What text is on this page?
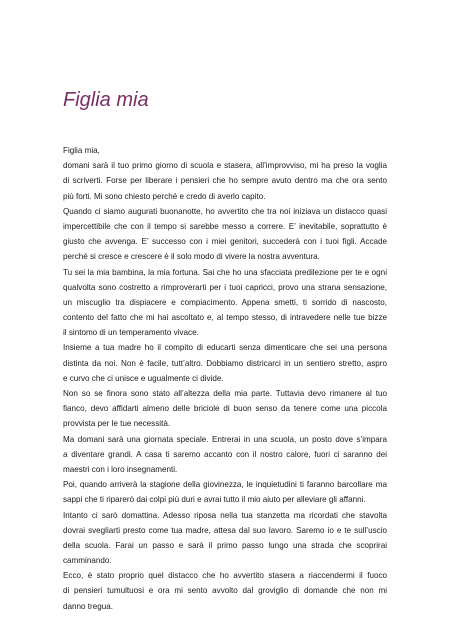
Figlia mia
Figlia mia,
domani sarà il tuo primo giorno di scuola e stasera, all’improvviso, mi ha preso la voglia
di scriverti. Forse per liberare i pensieri che ho sempre avuto dentro ma che ora sento
più forti. Mi sono chiesto perché e credo di averlo capito.
Quando ci siamo augurati buonanotte, ho avvertito che tra noi iniziava un distacco quasi
impercettibile che con il tempo si sarebbe messo a correre. E’ inevitabile, soprattutto è
giusto che avvenga. E’ successo con i miei genitori, succederà con i tuoi figli. Accade
perché si cresce e crescere è il solo modo di vivere la nostra avventura.
Tu sei la mia bambina, la mia fortuna. Sai che ho una sfacciata predilezione per te e ogni
qualvolta sono costretto a rimproverarti per i tuoi capricci, provo una strana sensazione,
un miscuglio tra dispiacere e compiacimento. Appena smetti, ti sorrido di nascosto,
contento del fatto che mi hai ascoltato e, al tempo stesso, di intravedere nelle tue bizze
il sintomo di un temperamento vivace.
Insieme a tua madre ho il compito di educarti senza dimenticare che sei una persona
distinta da noi. Non è facile, tutt’altro. Dobbiamo districarci in un sentiero stretto, aspro
e curvo che ci unisce e ugualmente ci divide.
Non so se finora sono stato all’altezza della mia parte. Tuttavia devo rimanere al tuo
fianco, devo affidarti almeno delle briciole di buon senso da tenere come una piccola
provvista per le tue necessità.
Ma domani sarà una giornata speciale. Entrerai in una scuola, un posto dove s’impara
a diventare grandi. A casa ti saremo accanto con il nostro calore, fuori ci saranno dei
maestri con i loro insegnamenti.
Poi, quando arriverà la stagione della giovinezza, le inquietudini ti faranno barcollare ma
sappi che ti riparerò dai colpi più duri e avrai tutto il mio aiuto per alleviare gli affanni.
Intanto ci sarò domattina. Adesso riposa nella tua stanzetta ma ricordati che stavolta
dovrai svegliarti presto come tua madre, attesa dal suo lavoro. Saremo io e te sull’uscio
della scuola. Farai un passo e sarà il primo passo lungo una strada che scoprirai
camminando.
Ecco, è stato proprio quel distacco che ho avvertito stasera a riaccendermi il fuoco
di pensieri tumultuosi e ora mi sento avvolto dal groviglio di domande che non mi
danno tregua.
